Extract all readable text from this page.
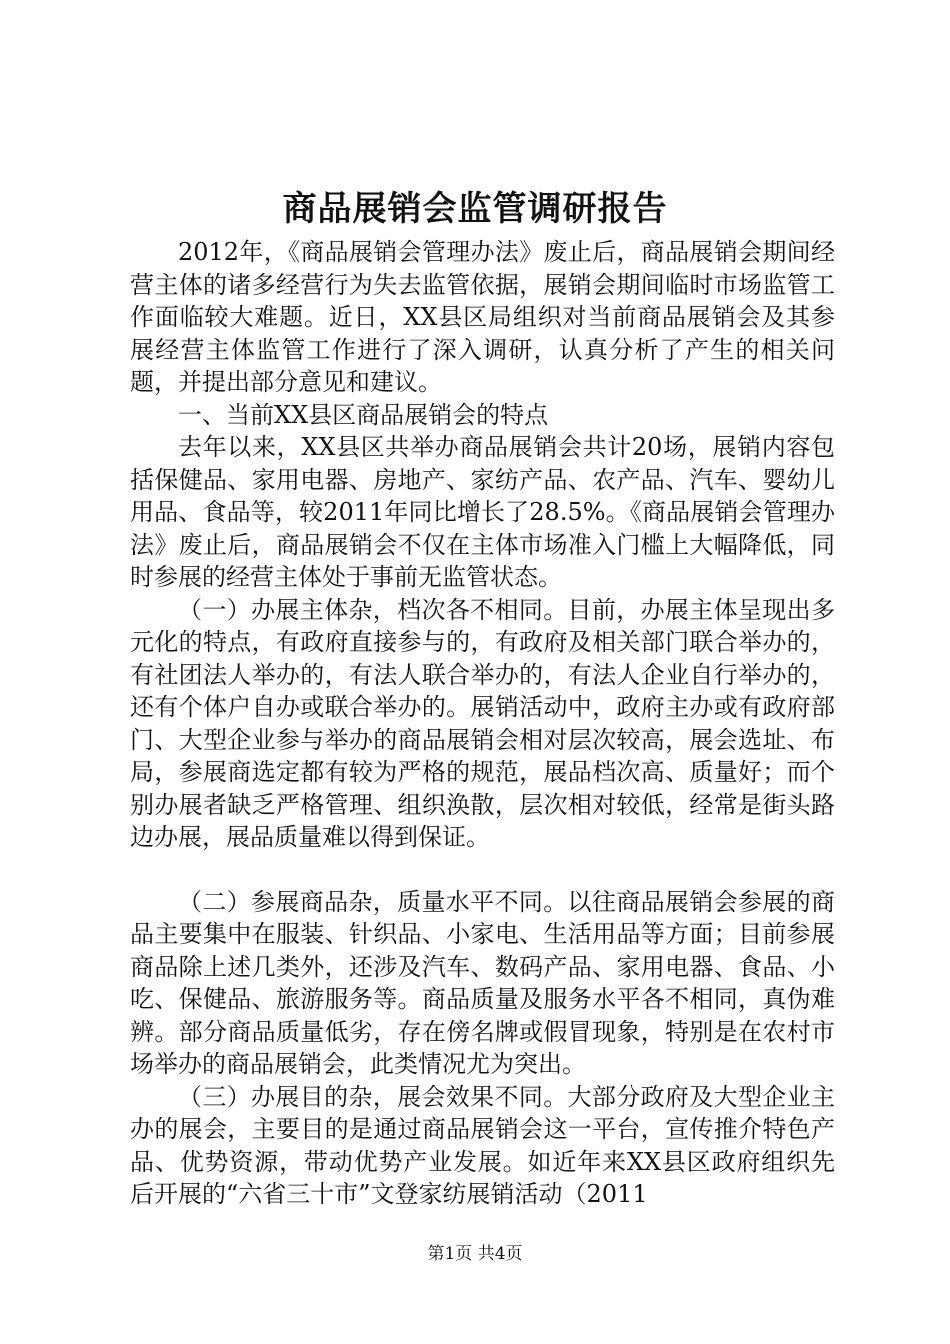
商品展销会监管调研报告

2012年，《商品展销会管理办法》废止后，商品展销会期间经营主体的诸多经营行为失去监管依据，展销会期间临时市场监管工作面临较大难题。近日，XX县区局组织对当前商品展销会及其参展经营主体监管工作进行了深入调研，认真分析了产生的相关问题，并提出部分意见和建议。

一、当前XX县区商品展销会的特点

去年以来，XX县区共举办商品展销会共计20场，展销内容包括保健品、家用电器、房地产、家纺产品、农产品、汽车、婴幼儿用品、食品等，较2011年同比增长了28.5%。《商品展销会管理办法》废止后，商品展销会不仅在主体市场准入门槛上大幅降低，同时参展的经营主体处于事前无监管状态。

（一）办展主体杂，档次各不相同。目前，办展主体呈现出多元化的特点，有政府直接参与的，有政府及相关部门联合举办的，有社团法人举办的，有法人联合举办的，有法人企业自行举办的，还有个体户自办或联合举办的。展销活动中，政府主办或有政府部门、大型企业参与举办的商品展销会相对层次较高，展会选址、布局，参展商选定都有较为严格的规范，展品档次高、质量好；而个别办展者缺乏严格管理、组织涣散，层次相对较低，经常是街头路边办展，展品质量难以得到保证。

（二）参展商品杂，质量水平不同。以往商品展销会参展的商品主要集中在服装、针织品、小家电、生活用品等方面；目前参展商品除上述几类外，还涉及汽车、数码产品、家用电器、食品、小吃、保健品、旅游服务等。商品质量及服务水平各不相同，真伪难辨。部分商品质量低劣，存在傍名牌或假冒现象，特别是在农村市场举办的商品展销会，此类情况尤为突出。

（三）办展目的杂，展会效果不同。大部分政府及大型企业主办的展会，主要目的是通过商品展销会这一平台，宣传推介特色产品、优势资源，带动优势产业发展。如近年来XX县区政府组织先后开展的“六省三十市”文登家纺展销活动（2011

第1页 共4页
